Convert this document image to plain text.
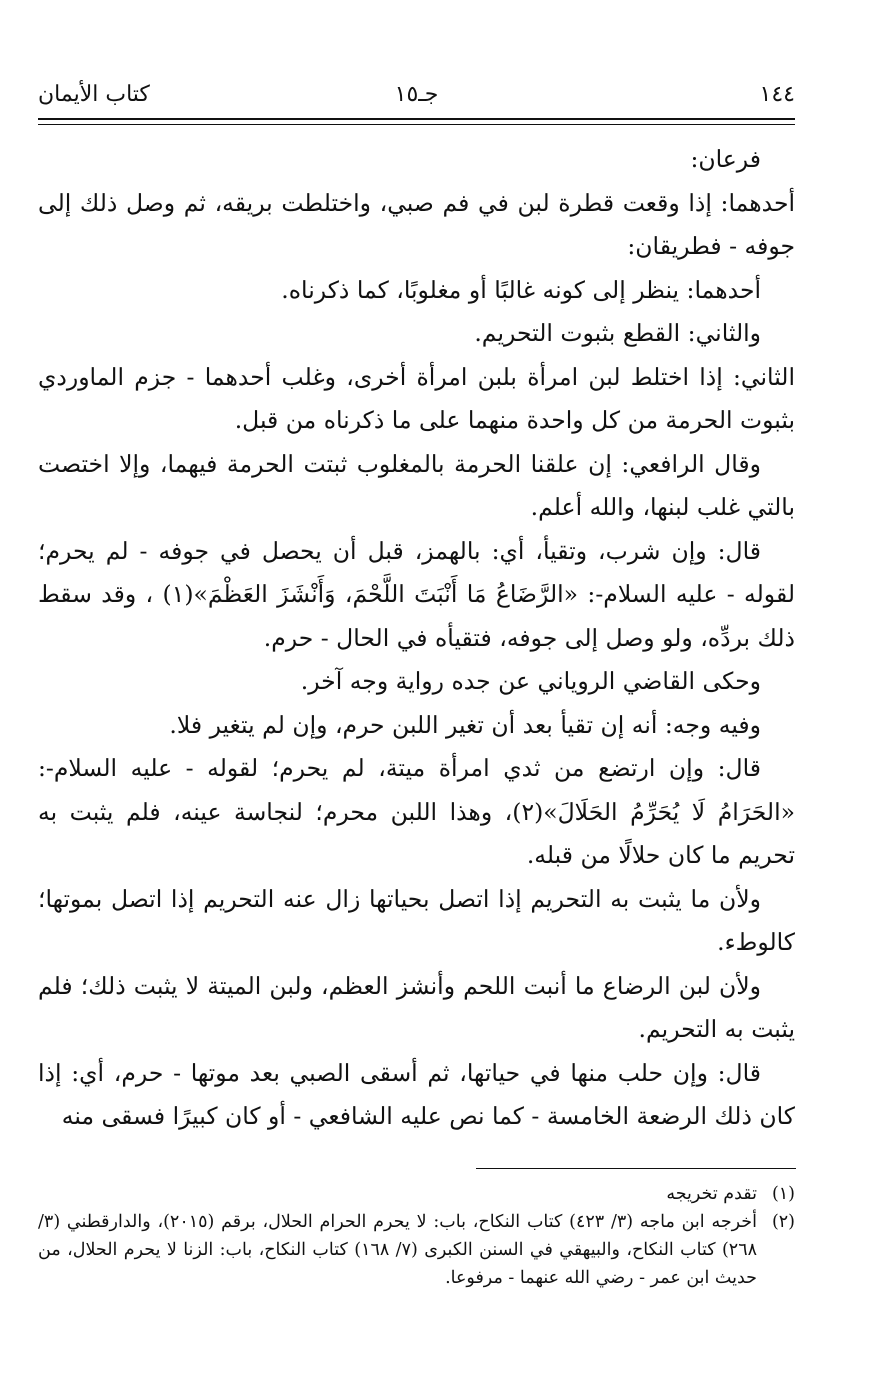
١٤٤
جـ١٥
كتاب الأيمان

فرعان:

أحدهما: إذا وقعت قطرة لبن في فم صبي، واختلطت بريقه، ثم وصل ذلك إلى جوفه - فطريقان:

أحدهما: ينظر إلى كونه غالبًا أو مغلوبًا، كما ذكرناه.

والثاني: القطع بثبوت التحريم.

الثاني: إذا اختلط لبن امرأة بلبن امرأة أخرى، وغلب أحدهما - جزم الماوردي بثبوت الحرمة من كل واحدة منهما على ما ذكرناه من قبل.

وقال الرافعي: إن علقنا الحرمة بالمغلوب ثبتت الحرمة فيهما، وإلا اختصت بالتي غلب لبنها، والله أعلم.

قال: وإن شرب، وتقيأ، أي: بالهمز، قبل أن يحصل في جوفه - لم يحرم؛ لقوله - عليه السلام-: «الرَّضَاعُ مَا أَنْبَتَ اللَّحْمَ، وَأَنْشَزَ العَظْمَ»(١) ، وقد سقط ذلك بردِّه، ولو وصل إلى جوفه، فتقيأه في الحال - حرم.

وحكى القاضي الروياني عن جده رواية وجه آخر.

وفيه وجه: أنه إن تقيأ بعد أن تغير اللبن حرم، وإن لم يتغير فلا.

قال: وإن ارتضع من ثدي امرأة ميتة، لم يحرم؛ لقوله - عليه السلام-: «الحَرَامُ لَا يُحَرِّمُ الحَلَالَ»(٢)، وهذا اللبن محرم؛ لنجاسة عينه، فلم يثبت به تحريم ما كان حلالًا من قبله.

ولأن ما يثبت به التحريم إذا اتصل بحياتها زال عنه التحريم إذا اتصل بموتها؛ كالوطء.

ولأن لبن الرضاع ما أنبت اللحم وأنشز العظم، ولبن الميتة لا يثبت ذلك؛ فلم يثبت به التحريم.

قال: وإن حلب منها في حياتها، ثم أسقى الصبي بعد موتها - حرم، أي: إذا كان ذلك الرضعة الخامسة - كما نص عليه الشافعي - أو كان كبيرًا فسقى منه

(١)
تقدم تخريجه

(٢)
أخرجه ابن ماجه (٣/ ٤٢٣) كتاب النكاح، باب: لا يحرم الحرام الحلال، برقم (٢٠١٥)، والدارقطني (٣/ ٢٦٨) كتاب النكاح، والبيهقي في السنن الكبرى (٧/ ١٦٨) كتاب النكاح، باب: الزنا لا يحرم الحلال، من حديث ابن عمر - رضي الله عنهما - مرفوعا.
